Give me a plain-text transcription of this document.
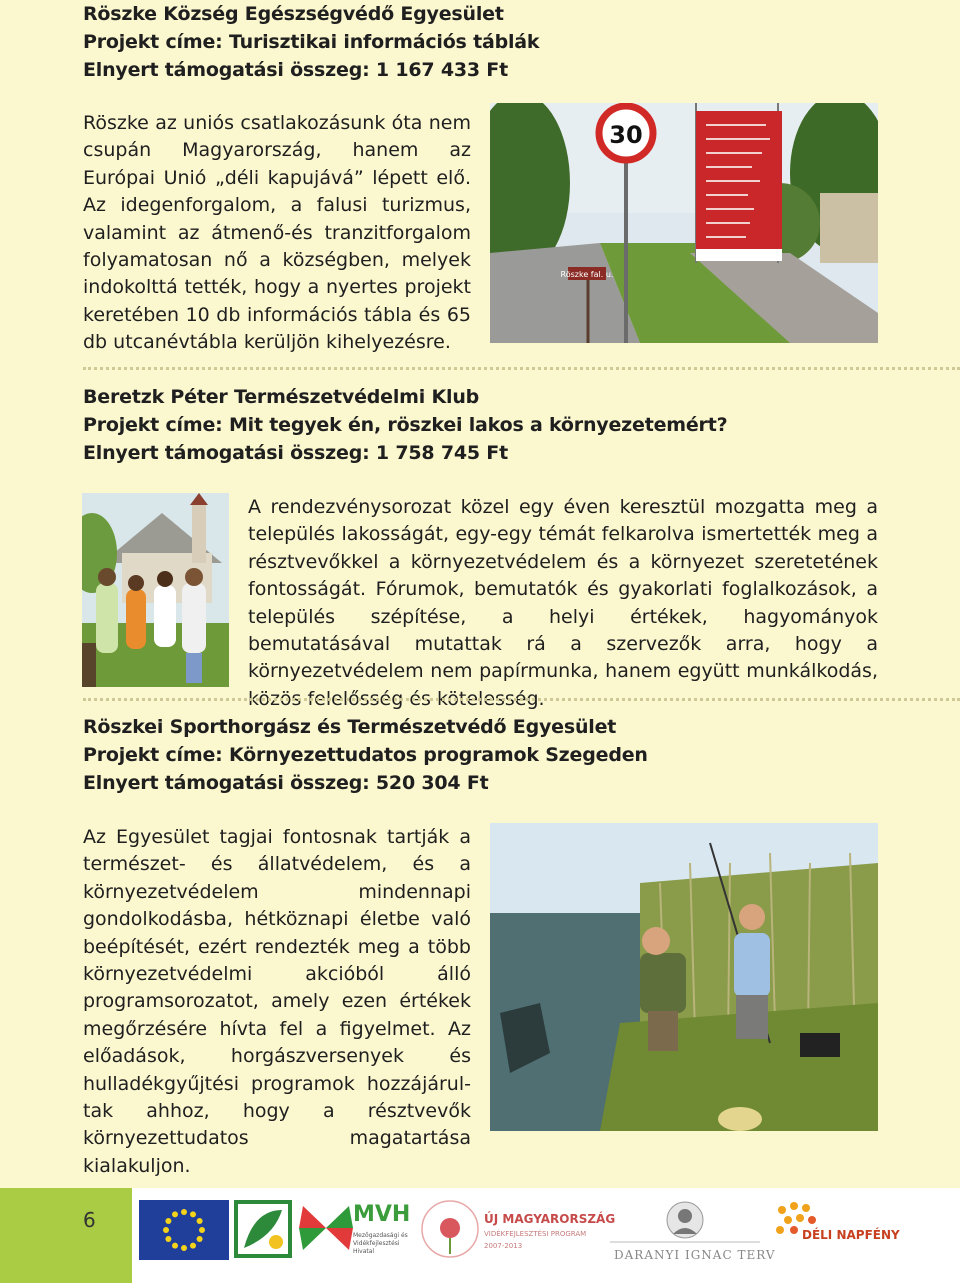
Röszke Község Egészségvédő Egyesület
Projekt címe: Turisztikai információs táblák
Elnyert támogatási összeg: 1 167 433 Ft
Röszke az uniós csatlakozásunk óta nem csupán Magyarország, hanem az Európai Unió „déli kapujává” lépett elő. Az idegenforgalom, a falusi turizmus, valamint az átmenő-és tranzitforgalom folyamatosan nő a községben, melyek indokolttá tették, hogy a nyertes projekt keretében 10 db információs tábla és 65 db utcanévtábla kerüljön kihelyezésre.
30
Röszke fal. u.
Beretzk Péter Természetvédelmi Klub
Projekt címe: Mit tegyek én, röszkei lakos a környezetemért?
Elnyert támogatási összeg: 1 758 745 Ft
A rendezvénysorozat közel egy éven keresztül mozgatta meg a település lakosságát, egy-egy témát felkarolva ismertették meg a résztvevőkkel a környezetvédelem és a környezet szeretetének fontosságát. Fórumok, bemutatók és gyakorlati foglalkozások, a település szépítése, a helyi értékek, hagyományok bemutatásával mutattak rá a szervezők arra, hogy a környezetvédelem nem papírmunka, hanem együtt munkálkodás, közös felelősség és kötelesség.
Röszkei Sporthorgász és Természetvédő Egyesület
Projekt címe: Környezettudatos programok Szegeden
Elnyert támogatási összeg: 520 304 Ft
Az Egyesület tagjai fontosnak tartják a természet- és állatvédelem, és a környezetvédelem mindennapi gondolkodásba, hétköznapi életbe való beépítését, ezért rendezték meg a több környezetvédelmi akcióból álló programsorozatot, amely ezen értékek megőrzésére hívta fel a figyelmet. Az előadások, horgászversenyek és hulladékgyűjtési programok hozzájárultak ahhoz, hogy a résztvevők környezettudatos magatartása kialakuljon.
6	MVH
Mezőgazdasági és Vidékfejlesztési Hivatal
ÚJ MAGYARORSZÁG
VIDÉKFEJLESZTÉSI PROGRAM
2007-2013
DARANYI IGNAC TERV
DÉLI NAPFÉNY
